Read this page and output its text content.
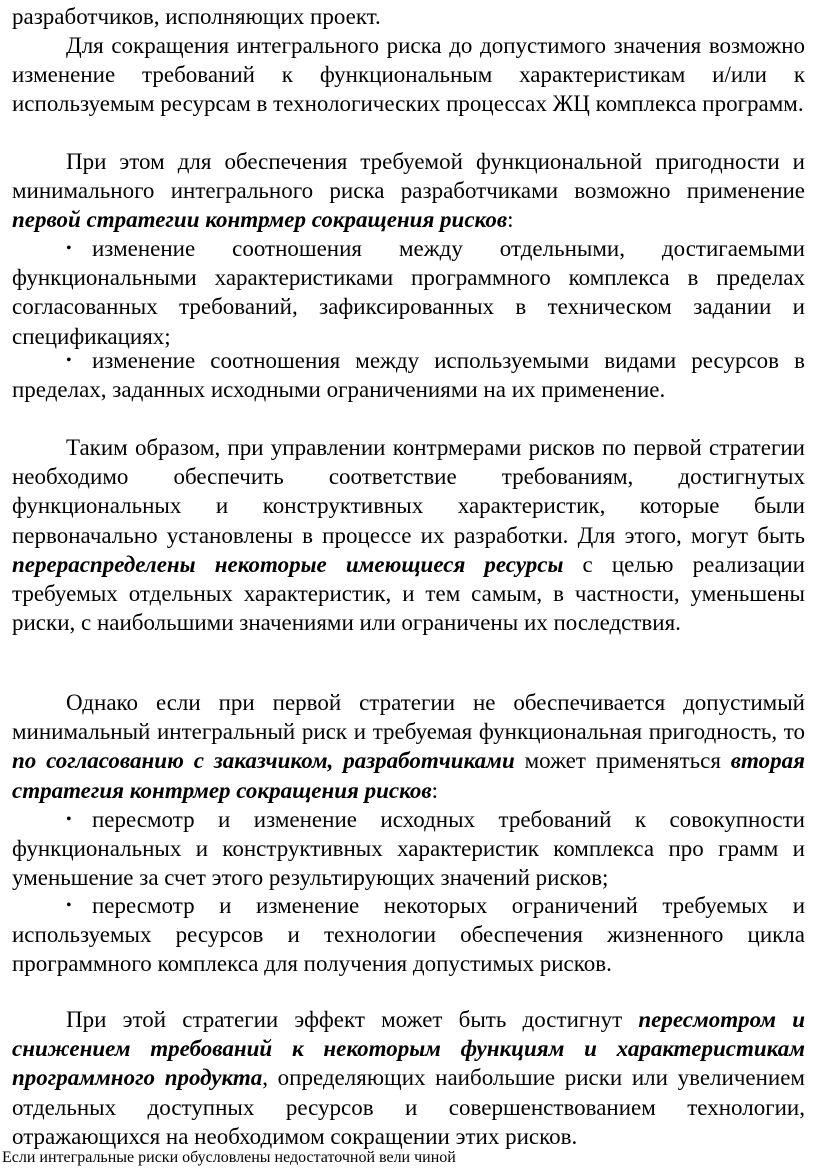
разработчиков, исполняющих проект.

Для сокращения интегрального риска до допустимого значения возможно изменение требований к функциональным характеристикам и/или к используемым ресурсам в технологических процессах ЖЦ комплекса программ.

При этом для обеспечения требуемой функциональной пригодности и минимального интегрального риска разработчиками возможно применение первой стратегии контрмер сокращения рисков:

• изменение соотношения между отдельными, достигаемыми функциональными характеристиками программного комплекса в пределах согласованных требований, зафиксированных в техническом задании и спецификациях;

• изменение соотношения между используемыми видами ресурсов в пределах, заданных исходными ограничениями на их применение.

Таким образом, при управлении контрмерами рисков по первой стратегии необходимо обеспечить соответствие требованиям, достигнутых функциональных и конструктивных характеристик, которые были первоначально установлены в процессе их разработки. Для этого, могут быть перераспределены некоторые имеющиеся ресурсы с целью реализации требуемых отдельных характеристик, и тем самым, в частности, уменьшены риски, с наибольшими значениями или ограничены их последствия.

Однако если при первой стратегии не обеспечивается допустимый минимальный интегральный риск и требуемая функциональная пригодность, то по согласованию с заказчиком, разработчиками может применяться вторая стратегия контрмер сокращения рисков:

• пересмотр и изменение исходных требований к совокупности функциональных и конструктивных характеристик комплекса про грамм и уменьшение за счет этого результирующих значений рисков;

• пересмотр и изменение некоторых ограничений требуемых и используемых ресурсов и технологии обеспечения жизненного цикла программного комплекса для получения допустимых рисков.

При этой стратегии эффект может быть достигнут пересмотром и снижением требований к некоторым функциям и характеристикам программного продукта, определяющих наибольшие риски или увеличением отдельных доступных ресурсов и совершенствованием технологии, отражающихся на необходимом сокращении этих рисков.

Если интегральные риски обусловлены недостаточной вели чиной
